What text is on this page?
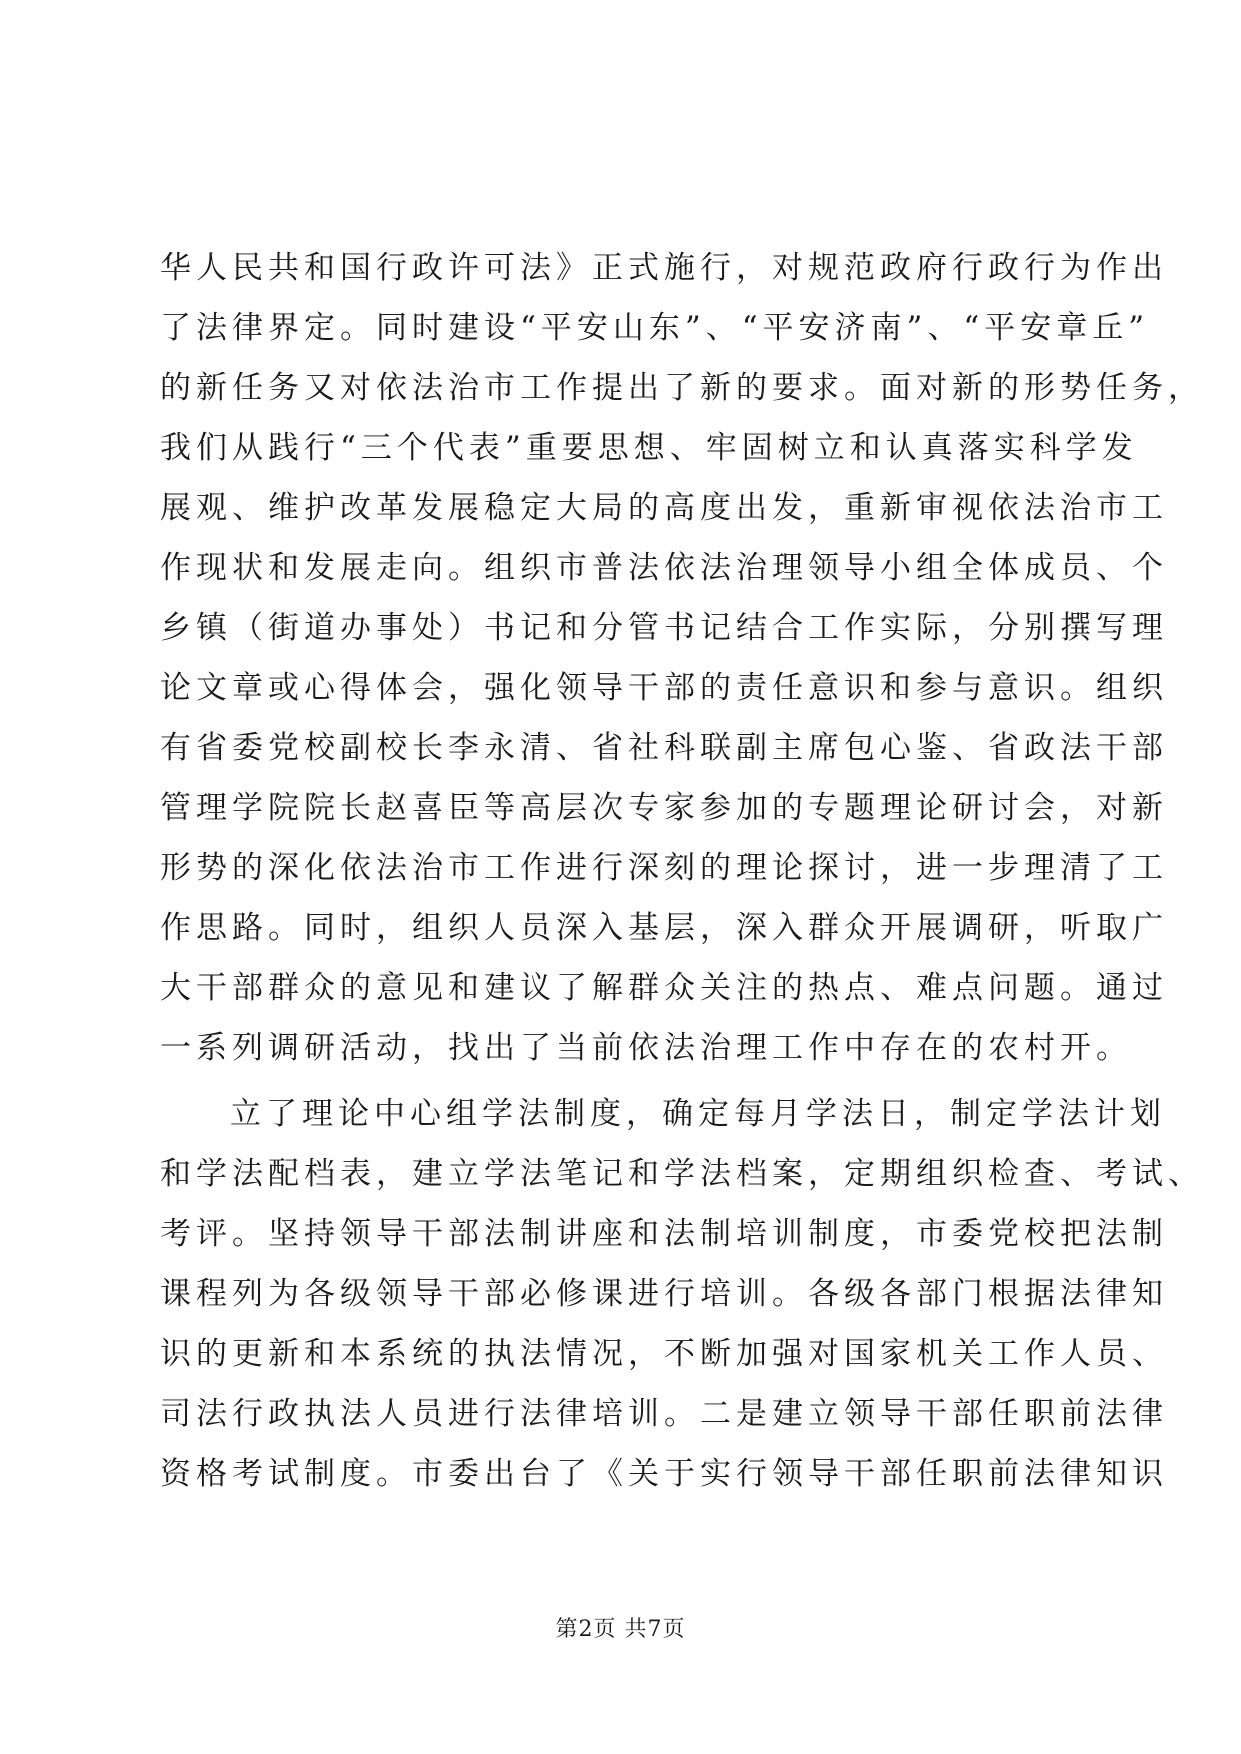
华人民共和国行政许可法》正式施行，对规范政府行政行为作出
了法律界定。同时建设“平安山东”、“平安济南”、“平安章丘”
的新任务又对依法治市工作提出了新的要求。面对新的形势任务，
我们从践行“三个代表”重要思想、牢固树立和认真落实科学发
展观、维护改革发展稳定大局的高度出发，重新审视依法治市工
作现状和发展走向。组织市普法依法治理领导小组全体成员、个
乡镇（街道办事处）书记和分管书记结合工作实际，分别撰写理
论文章或心得体会，强化领导干部的责任意识和参与意识。组织
有省委党校副校长李永清、省社科联副主席包心鉴、省政法干部
管理学院院长赵喜臣等高层次专家参加的专题理论研讨会，对新
形势的深化依法治市工作进行深刻的理论探讨，进一步理清了工
作思路。同时，组织人员深入基层，深入群众开展调研，听取广
大干部群众的意见和建议了解群众关注的热点、难点问题。通过
一系列调研活动，找出了当前依法治理工作中存在的农村开。
立了理论中心组学法制度，确定每月学法日，制定学法计划
和学法配档表，建立学法笔记和学法档案，定期组织检查、考试、
考评。坚持领导干部法制讲座和法制培训制度，市委党校把法制
课程列为各级领导干部必修课进行培训。各级各部门根据法律知
识的更新和本系统的执法情况，不断加强对国家机关工作人员、
司法行政执法人员进行法律培训。二是建立领导干部任职前法律
资格考试制度。市委出台了《关于实行领导干部任职前法律知识
第2页 共7页
